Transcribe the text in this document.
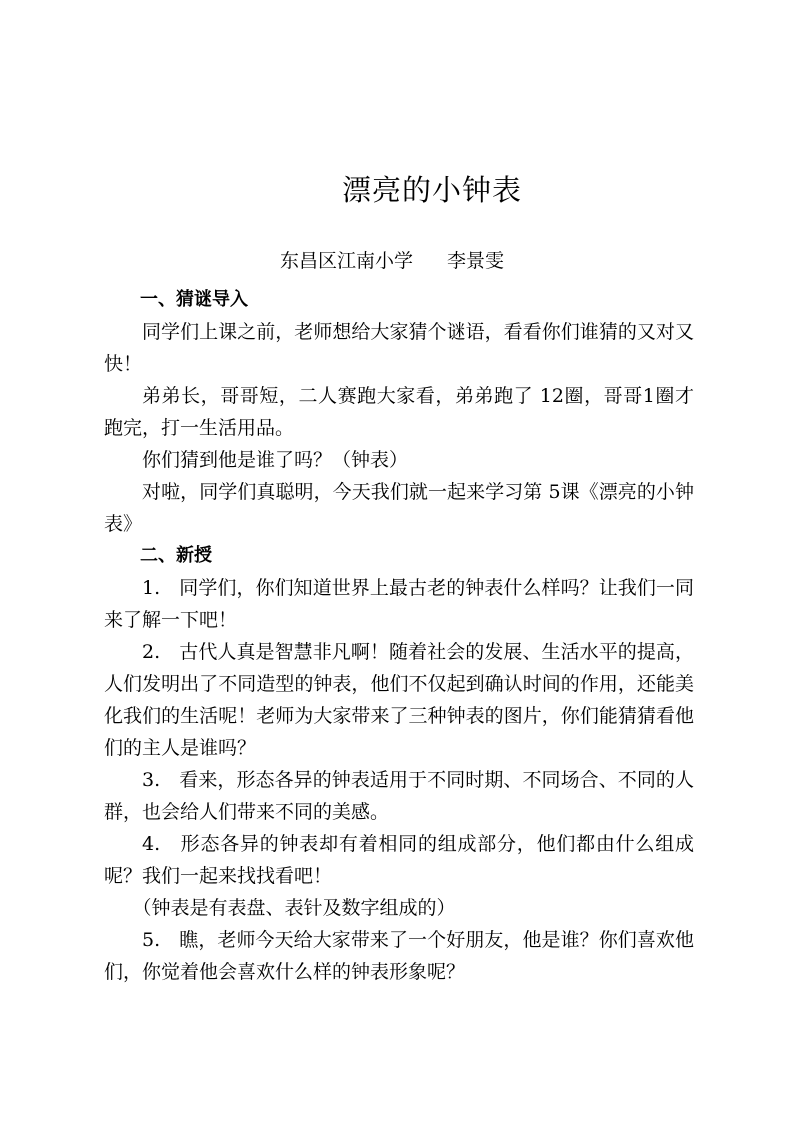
漂亮的小钟表
东昌区江南小学 李景雯

一、猜谜导入

同学们上课之前，老师想给大家猜个谜语，看看你们谁猜的又对又快！

弟弟长，哥哥短，二人赛跑大家看，弟弟跑了 12圈，哥哥1圈才跑完，打一生活用品。

你们猜到他是谁了吗？（钟表）

对啦，同学们真聪明，今天我们就一起来学习第 5课《漂亮的小钟表》

二、新授

1.　同学们，你们知道世界上最古老的钟表什么样吗？让我们一同来了解一下吧！

2.　古代人真是智慧非凡啊！随着社会的发展、生活水平的提高，人们发明出了不同造型的钟表，他们不仅起到确认时间的作用，还能美化我们的生活呢！老师为大家带来了三种钟表的图片，你们能猜猜看他们的主人是谁吗？

3.　看来，形态各异的钟表适用于不同时期、不同场合、不同的人群，也会给人们带来不同的美感。

4.　形态各异的钟表却有着相同的组成部分，他们都由什么组成呢？我们一起来找找看吧！

（钟表是有表盘、表针及数字组成的）

5.　瞧，老师今天给大家带来了一个好朋友，他是谁？你们喜欢他们，你觉着他会喜欢什么样的钟表形象呢？
